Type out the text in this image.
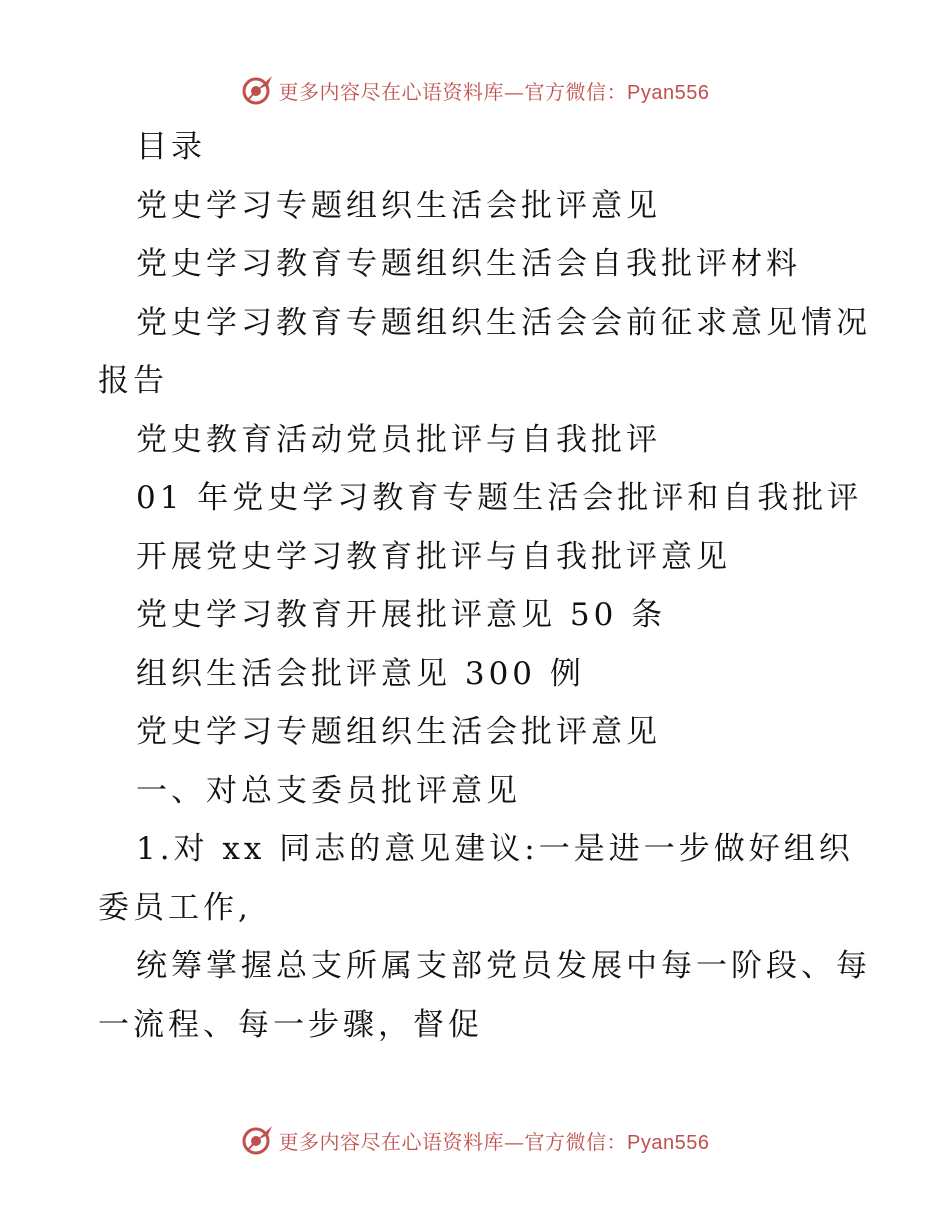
更多内容尽在心语资料库—官方微信：Pyan556

目录

党史学习专题组织生活会批评意见

党史学习教育专题组织生活会自我批评材料

党史学习教育专题组织生活会会前征求意见情况

报告

党史教育活动党员批评与自我批评

01 年党史学习教育专题生活会批评和自我批评

开展党史学习教育批评与自我批评意见

党史学习教育开展批评意见 50 条

组织生活会批评意见 300 例

党史学习专题组织生活会批评意见

一、对总支委员批评意见

1.对 xx 同志的意见建议:一是进一步做好组织

委员工作,

统筹掌握总支所属支部党员发展中每一阶段、每

一流程、每一步骤，督促

更多内容尽在心语资料库—官方微信：Pyan556
